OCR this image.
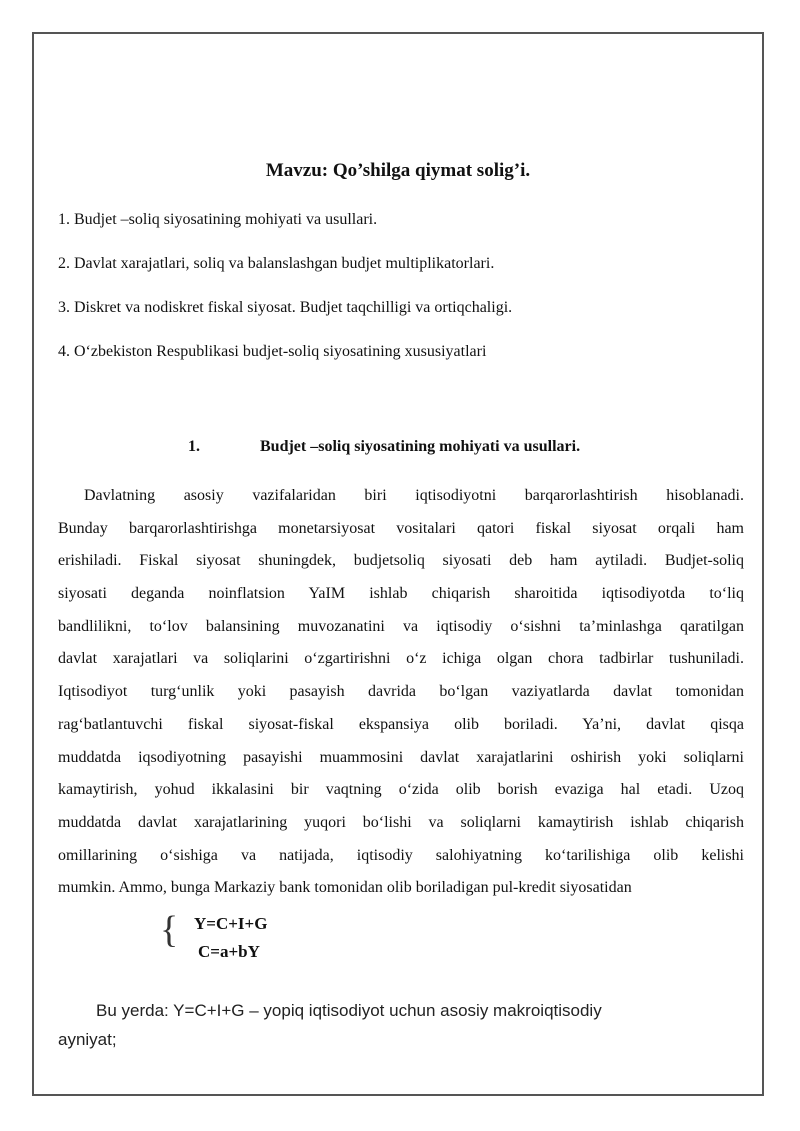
Mavzu: Qo’shilga qiymat solig’i.
1. Budjet –soliq siyosatining mohiyati va usullari.
2. Davlat xarajatlari, soliq va balanslashgan budjet multiplikatorlari.
3. Diskret va nodiskret fiskal siyosat. Budjet taqchilligi va ortiqchaligi.
4. O‘zbekiston Respublikasi budjet-soliq siyosatining xususiyatlari
1.	Budjet –soliq siyosatining mohiyati va usullari.

Davlatning asosiy vazifalaridan biri iqtisodiyotni barqarorlashtirish hisoblanadi.
Bunday barqarorlashtirishga monetarsiyosat vositalari qatori fiskal siyosat orqali ham
erishiladi. Fiskal siyosat shuningdek, budjetsoliq siyosati deb ham aytiladi. Budjet-soliq
siyosati deganda noinflatsion YaIM ishlab chiqarish sharoitida iqtisodiyotda to‘liq
bandlilikni, to‘lov balansining muvozanatini va iqtisodiy o‘sishni ta’minlashga qaratilgan
davlat xarajatlari va soliqlarini o‘zgartirishni o‘z ichiga olgan chora tadbirlar tushuniladi.
Iqtisodiyot turg‘unlik yoki pasayish davrida bo‘lgan vaziyatlarda davlat tomonidan
rag‘batlantuvchi fiskal siyosat-fiskal ekspansiya olib boriladi. Ya’ni, davlat qisqa
muddatda iqsodiyotning pasayishi muammosini davlat xarajatlarini oshirish yoki soliqlarni
kamaytirish, yohud ikkalasini bir vaqtning o‘zida olib borish evaziga hal etadi. Uzoq
muddatda davlat xarajatlarining yuqori bo‘lishi va soliqlarni kamaytirish ishlab chiqarish
omillarining o‘sishiga va natijada, iqtisodiy salohiyatning ko‘tarilishiga olib kelishi
mumkin. Ammo, bunga Markaziy bank tomonidan olib boriladigan pul-kredit siyosatidan

{ Y=C+I+G
C=a+bY
Bu yerda: Y=C+I+G – yopiq iqtisodiyot uchun asosiy makroiqtisodiy
ayniyat;
